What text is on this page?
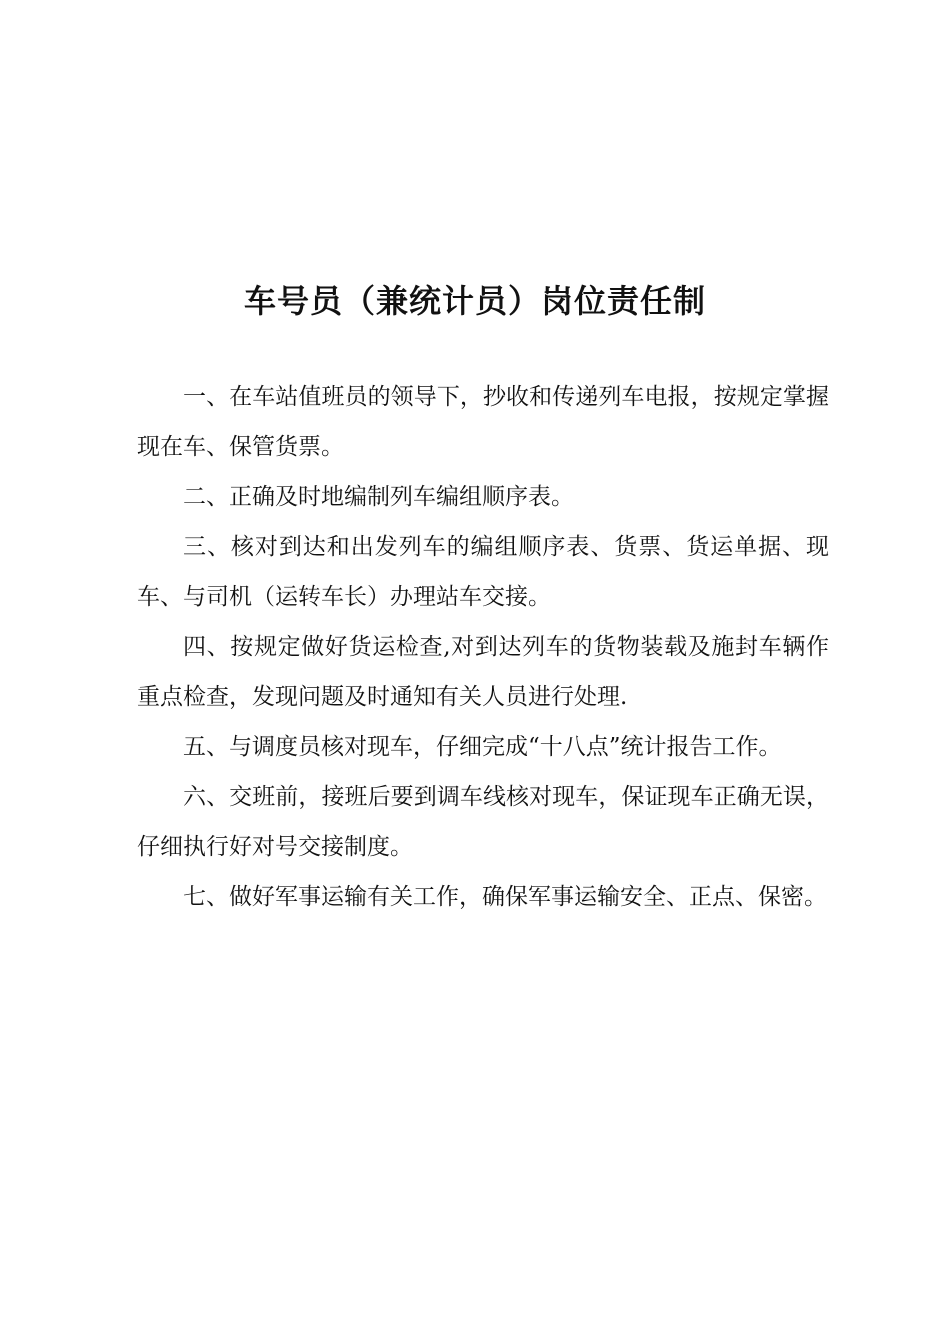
车号员（兼统计员）岗位责任制

一、在车站值班员的领导下，抄收和传递列车电报，按规定掌握现在车、保管货票。

二、正确及时地编制列车编组顺序表。

三、核对到达和出发列车的编组顺序表、货票、货运单据、现车、与司机（运转车长）办理站车交接。

四、按规定做好货运检查,对到达列车的货物装载及施封车辆作重点检查，发现问题及时通知有关人员进行处理.

五、与调度员核对现车，仔细完成“十八点”统计报告工作。

六、交班前，接班后要到调车线核对现车，保证现车正确无误，仔细执行好对号交接制度。

七、做好军事运输有关工作，确保军事运输安全、正点、保密。
